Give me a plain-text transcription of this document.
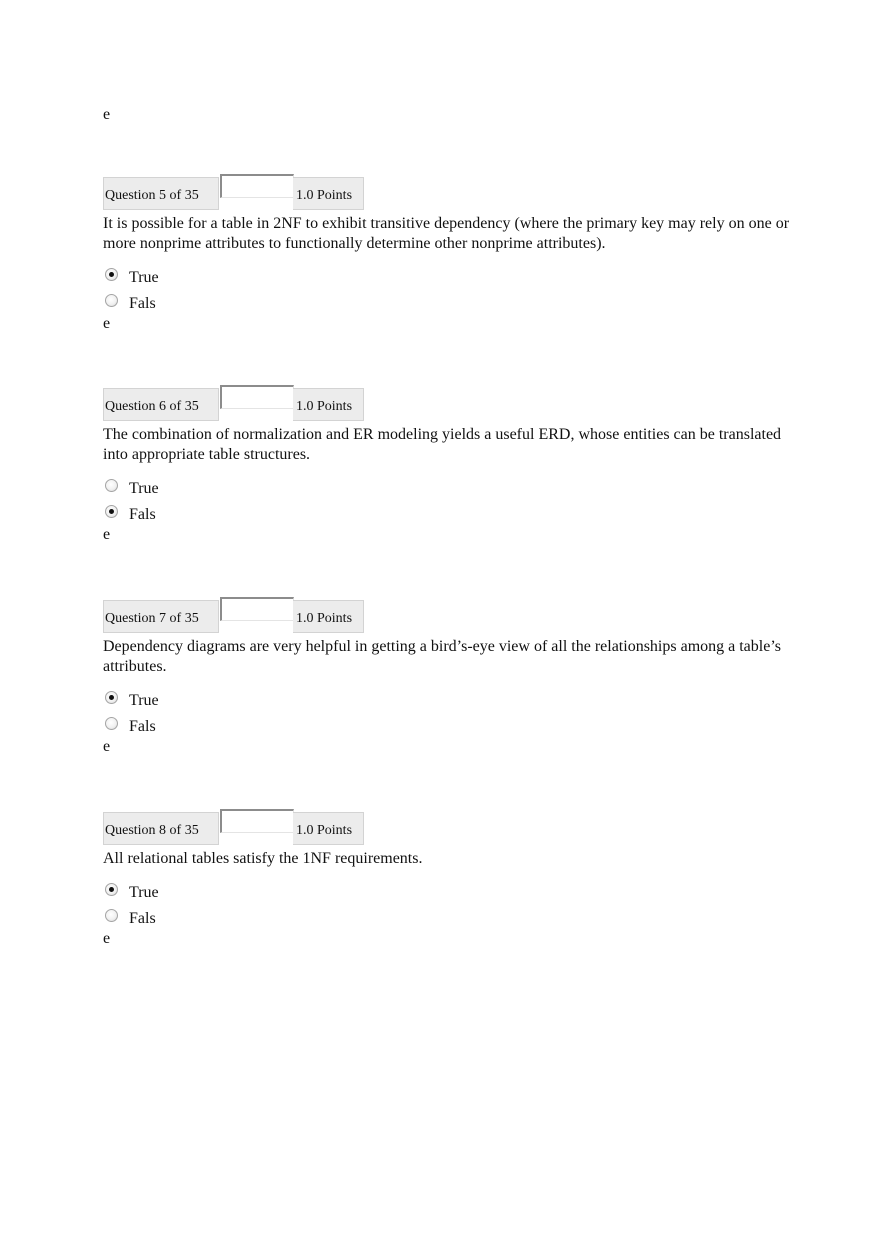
e
Question 5 of 35	1.0 Points
It is possible for a table in 2NF to exhibit transitive dependency (where the primary key may rely on one or more nonprime attributes to functionally determine other nonprime attributes).
True
Fals
e
Question 6 of 35	1.0 Points
The combination of normalization and ER modeling yields a useful ERD, whose entities can be translated into appropriate table structures.
True
Fals
e
Question 7 of 35	1.0 Points
Dependency diagrams are very helpful in getting a bird’s-eye view of all the relationships among a table’s attributes.
True
Fals
e
Question 8 of 35	1.0 Points
All relational tables satisfy the 1NF requirements.
True
Fals
e
